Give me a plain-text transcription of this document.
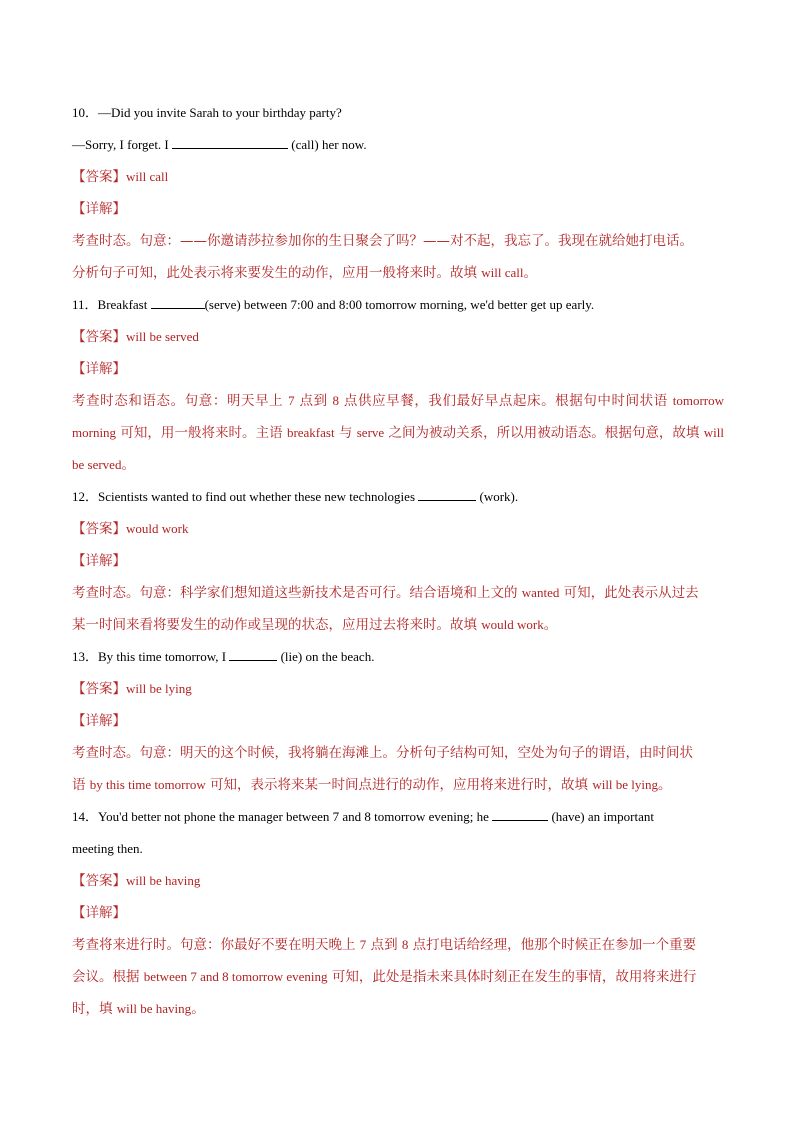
10．—Did you invite Sarah to your birthday party?
—Sorry, I forget. I	(call) her now.
【答案】will call
【详解】
考查时态。句意：——你邀请莎拉参加你的生日聚会了吗？——对不起，我忘了。我现在就给她打电话。
分析句子可知，此处表示将来要发生的动作，应用一般将来时。故填 will call。
11．Breakfast	(serve) between 7:00 and 8:00 tomorrow morning, we'd better get up early.
【答案】will be served
【详解】
考查时态和语态。句意：明天早上 7 点到 8 点供应早餐，我们最好早点起床。根据句中时间状语 tomorrow morning 可知，用一般将来时。主语 breakfast 与 serve 之间为被动关系，所以用被动语态。根据句意，故填 will be served。
12．Scientists wanted to find out whether these new technologies	(work).
【答案】would work
【详解】
考查时态。句意：科学家们想知道这些新技术是否可行。结合语境和上文的 wanted 可知，此处表示从过去
某一时间来看将要发生的动作或呈现的状态，应用过去将来时。故填 would work。
13．By this time tomorrow, I	(lie) on the beach.
【答案】will be lying
【详解】
考查时态。句意：明天的这个时候，我将躺在海滩上。分析句子结构可知，空处为句子的谓语，由时间状
语 by this time tomorrow 可知，表示将来某一时间点进行的动作，应用将来进行时，故填 will be lying。
14．You'd better not phone the manager between 7 and 8 tomorrow evening; he	(have) an important
meeting then.
【答案】will be having
【详解】
考查将来进行时。句意：你最好不要在明天晚上 7 点到 8 点打电话给经理，他那个时候正在参加一个重要
会议。根据 between 7 and 8 tomorrow evening 可知，此处是指未来具体时刻正在发生的事情，故用将来进行
时，填 will be having。
